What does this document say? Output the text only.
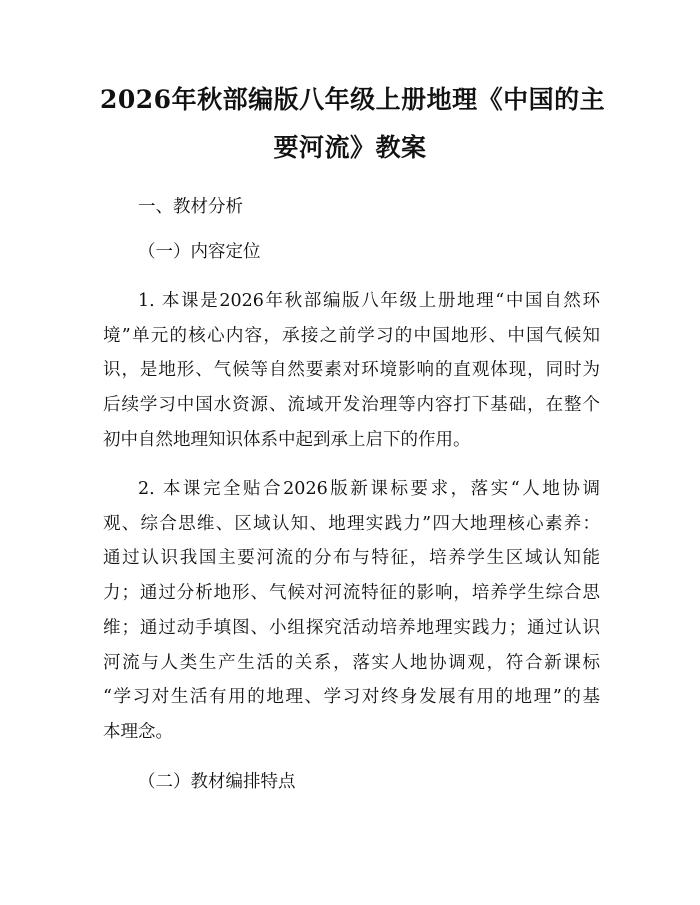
2026年秋部编版八年级上册地理《中国的主
要河流》教案
一、教材分析
（一）内容定位
1. 本课是2026年秋部编版八年级上册地理“中国自然环
境”单元的核心内容，承接之前学习的中国地形、中国气候知
识，是地形、气候等自然要素对环境影响的直观体现，同时为
后续学习中国水资源、流域开发治理等内容打下基础，在整个
初中自然地理知识体系中起到承上启下的作用。
2. 本课完全贴合2026版新课标要求，落实“人地协调
观、综合思维、区域认知、地理实践力”四大地理核心素养：
通过认识我国主要河流的分布与特征，培养学生区域认知能
力；通过分析地形、气候对河流特征的影响，培养学生综合思
维；通过动手填图、小组探究活动培养地理实践力；通过认识
河流与人类生产生活的关系，落实人地协调观，符合新课标
“学习对生活有用的地理、学习对终身发展有用的地理”的基
本理念。
（二）教材编排特点
